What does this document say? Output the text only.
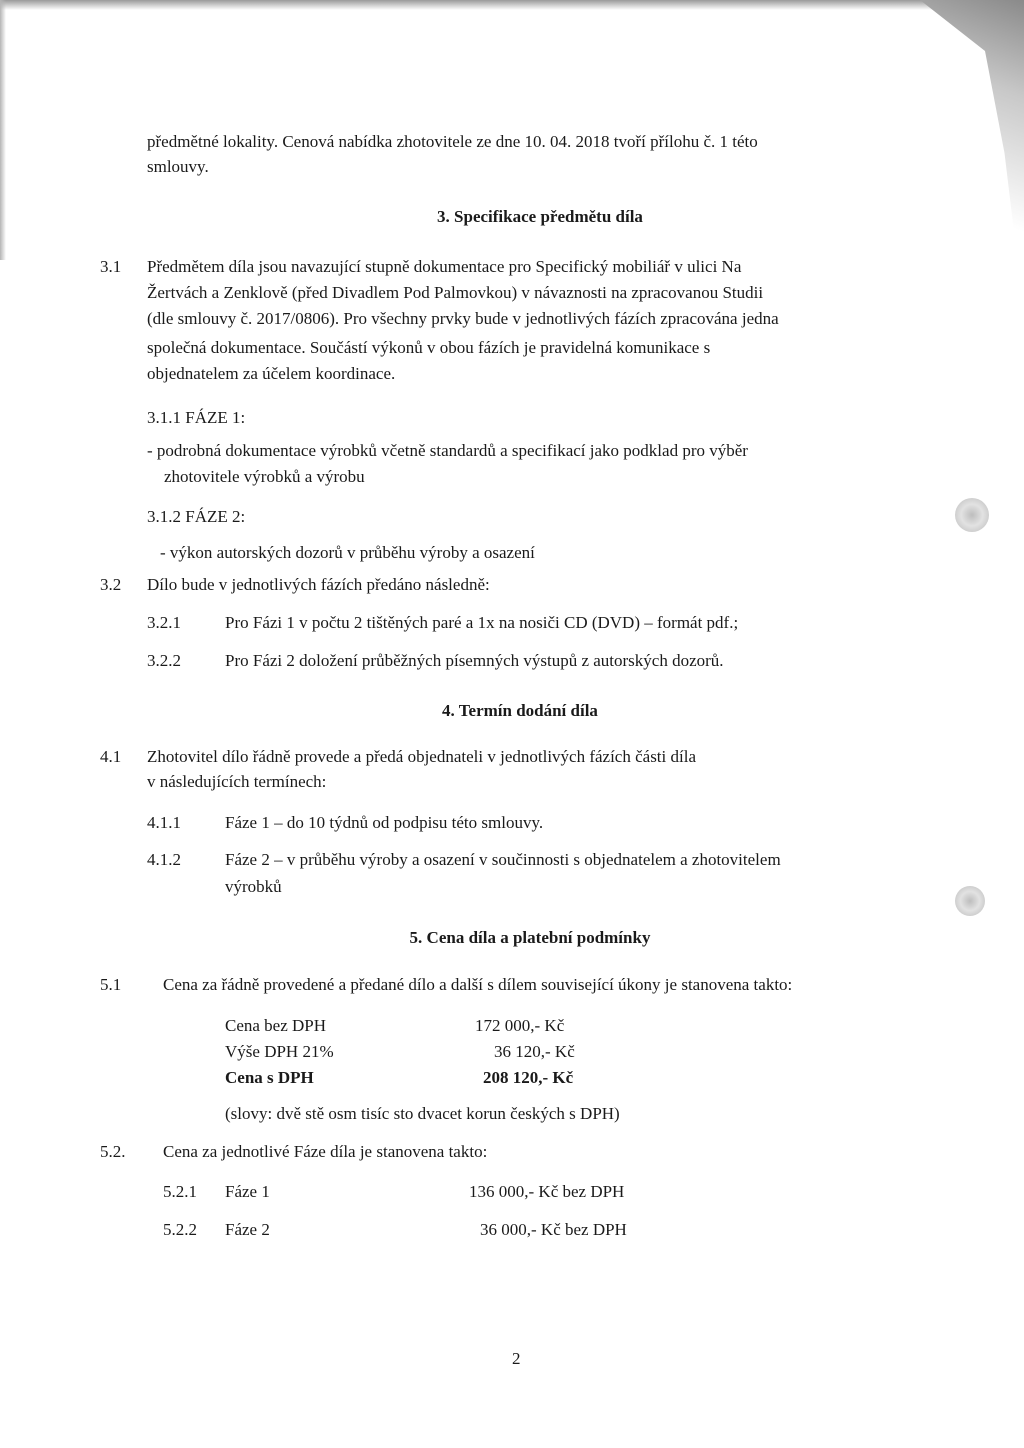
předmětné lokality. Cenová nabídka zhotovitele ze dne 10. 04. 2018 tvoří přílohu č. 1 této
smlouvy.
3. Specifikace předmětu díla
3.1 Předmětem díla jsou navazující stupně dokumentace pro Specifický mobiliář v ulici Na
Žertvách a Zenklově (před Divadlem Pod Palmovkou) v návaznosti na zpracovanou Studii
(dle smlouvy č. 2017/0806). Pro všechny prvky bude v jednotlivých fázích zpracována jedna
společná dokumentace. Součástí výkonů v obou fázích je pravidelná komunikace s
objednatelem za účelem koordinace.
3.1.1 FÁZE 1:
- podrobná dokumentace výrobků včetně standardů a specifikací jako podklad pro výběr
zhotovitele výrobků a výrobu
3.1.2 FÁZE 2:
- výkon autorských dozorů v průběhu výroby a osazení
3.2 Dílo bude v jednotlivých fázích předáno následně:
3.2.1	Pro Fázi 1 v počtu 2 tištěných paré a 1x na nosiči CD (DVD) – formát pdf.;
3.2.2	Pro Fázi 2 doložení průběžných písemných výstupů z autorských dozorů.
4. Termín dodání díla
4.1 Zhotovitel dílo řádně provede a předá objednateli v jednotlivých fázích části díla
v následujících termínech:
4.1.1	Fáze 1 – do 10 týdnů od podpisu této smlouvy.
4.1.2	Fáze 2 – v průběhu výroby a osazení v součinnosti s objednatelem a zhotovitelem
výrobků
5. Cena díla a platební podmínky
5.1 Cena za řádně provedené a předané dílo a další s dílem související úkony je stanovena takto:
Cena bez DPH	172 000,- Kč
Výše DPH 21%	36 120,- Kč
Cena s DPH	208 120,- Kč
(slovy: dvě stě osm tisíc sto dvacet korun českých s DPH)
5.2. Cena za jednotlivé Fáze díla je stanovena takto:
5.2.1 Fáze 1	136 000,- Kč bez DPH
5.2.2 Fáze 2	36 000,- Kč bez DPH
2
